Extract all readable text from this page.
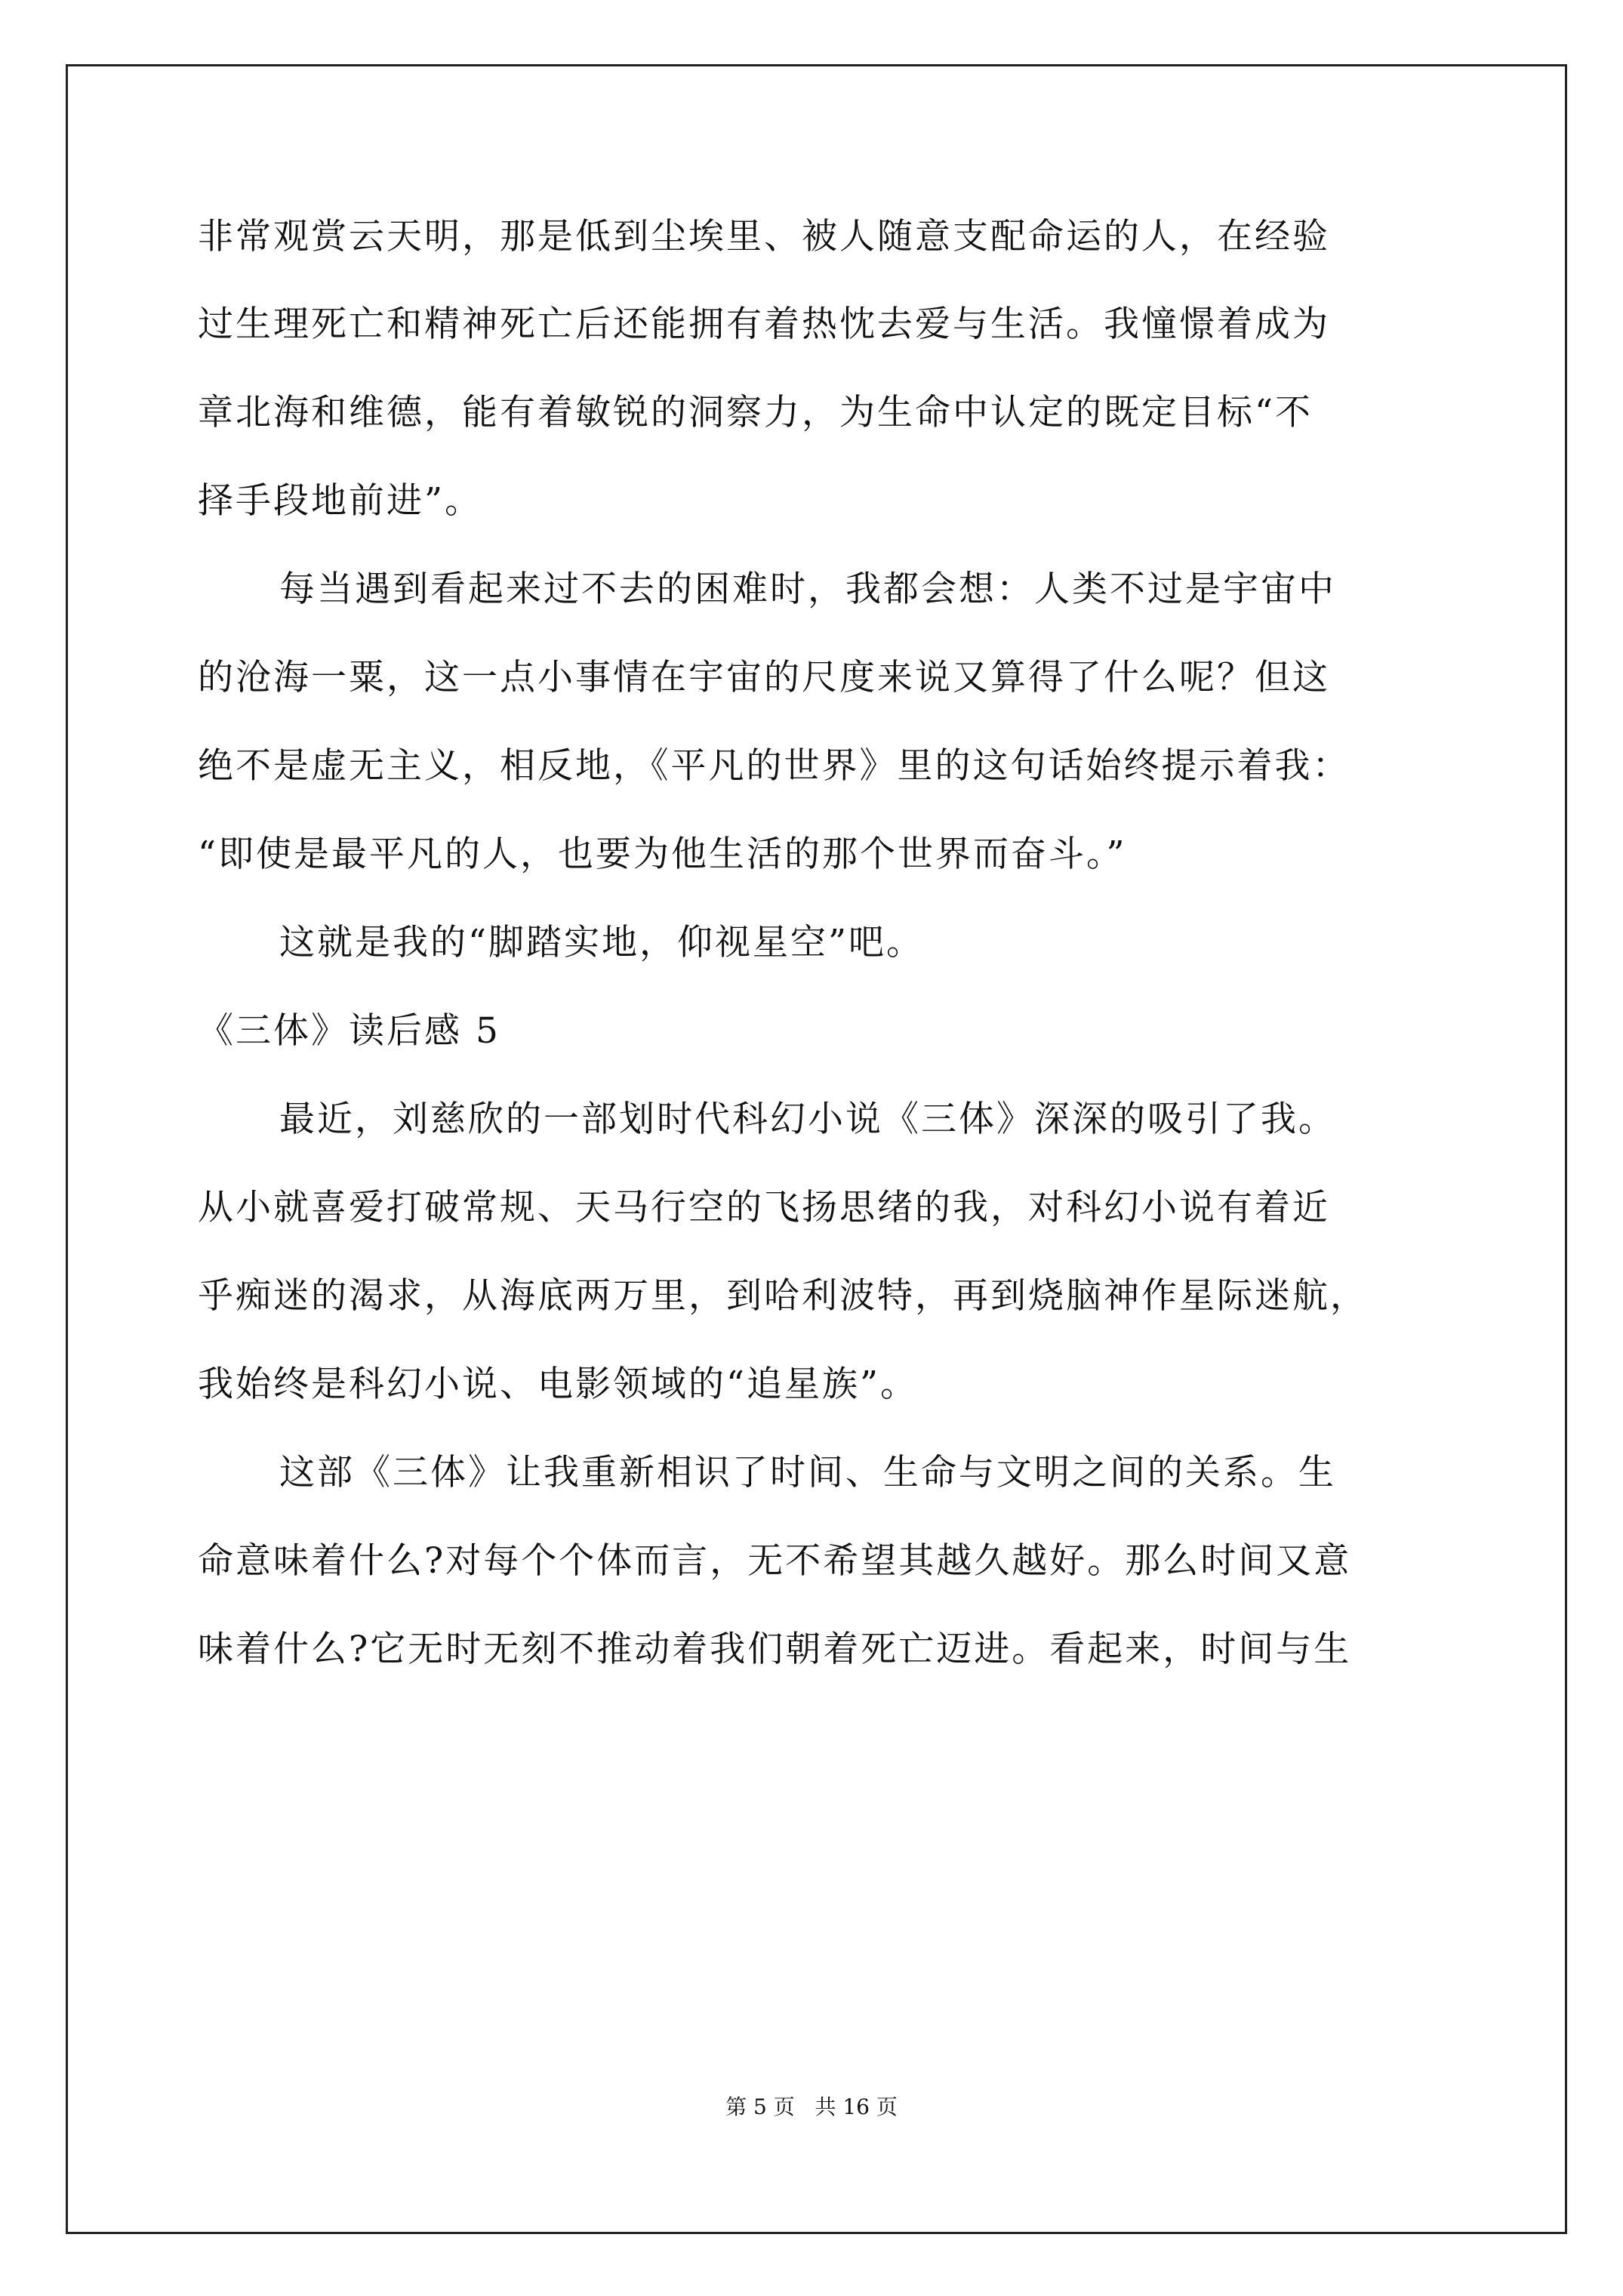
非常观赏云天明，那是低到尘埃里、被人随意支配命运的人，在经验
过生理死亡和精神死亡后还能拥有着热忱去爱与生活。我憧憬着成为
章北海和维德，能有着敏锐的洞察力，为生命中认定的既定目标“不
择手段地前进”。
每当遇到看起来过不去的困难时，我都会想：人类不过是宇宙中
的沧海一粟，这一点小事情在宇宙的尺度来说又算得了什么呢？但这
绝不是虚无主义，相反地，《平凡的世界》里的这句话始终提示着我：
“即使是最平凡的人，也要为他生活的那个世界而奋斗。”
这就是我的“脚踏实地，仰视星空”吧。
《三体》读后感 5
最近，刘慈欣的一部划时代科幻小说《三体》深深的吸引了我。
从小就喜爱打破常规、天马行空的飞扬思绪的我，对科幻小说有着近
乎痴迷的渴求，从海底两万里，到哈利波特，再到烧脑神作星际迷航，
我始终是科幻小说、电影领域的“追星族”。
这部《三体》让我重新相识了时间、生命与文明之间的关系。生
命意味着什么?对每个个体而言，无不希望其越久越好。那么时间又意
味着什么?它无时无刻不推动着我们朝着死亡迈进。看起来，时间与生
第 5 页   共 16 页
